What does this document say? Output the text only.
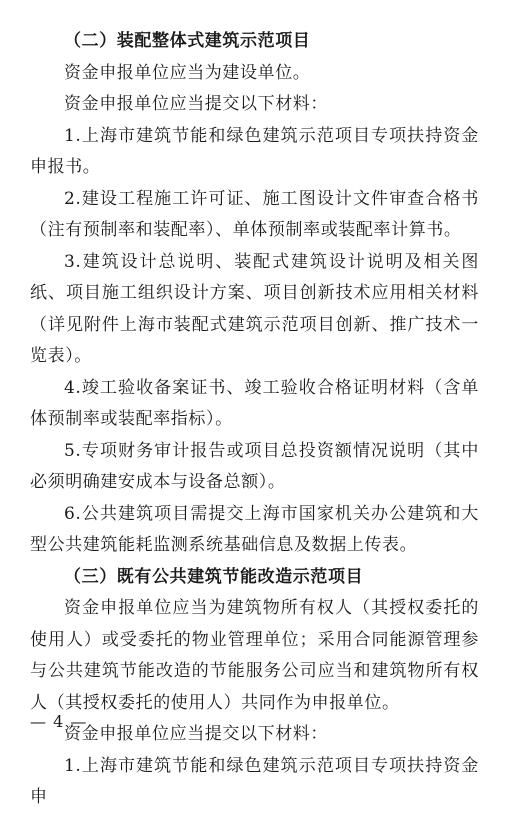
（二）装配整体式建筑示范项目

资金申报单位应当为建设单位。

资金申报单位应当提交以下材料：

1.上海市建筑节能和绿色建筑示范项目专项扶持资金申报书。

2.建设工程施工许可证、施工图设计文件审查合格书（注有预制率和装配率）、单体预制率或装配率计算书。

3.建筑设计总说明、装配式建筑设计说明及相关图纸、项目施工组织设计方案、项目创新技术应用相关材料（详见附件上海市装配式建筑示范项目创新、推广技术一览表）。

4.竣工验收备案证书、竣工验收合格证明材料（含单体预制率或装配率指标）。

5.专项财务审计报告或项目总投资额情况说明（其中必须明确建安成本与设备总额）。

6.公共建筑项目需提交上海市国家机关办公建筑和大型公共建筑能耗监测系统基础信息及数据上传表。

（三）既有公共建筑节能改造示范项目

资金申报单位应当为建筑物所有权人（其授权委托的使用人）或受委托的物业管理单位；采用合同能源管理参与公共建筑节能改造的节能服务公司应当和建筑物所有权人（其授权委托的使用人）共同作为申报单位。

资金申报单位应当提交以下材料：

1.上海市建筑节能和绿色建筑示范项目专项扶持资金申

— 4 —
